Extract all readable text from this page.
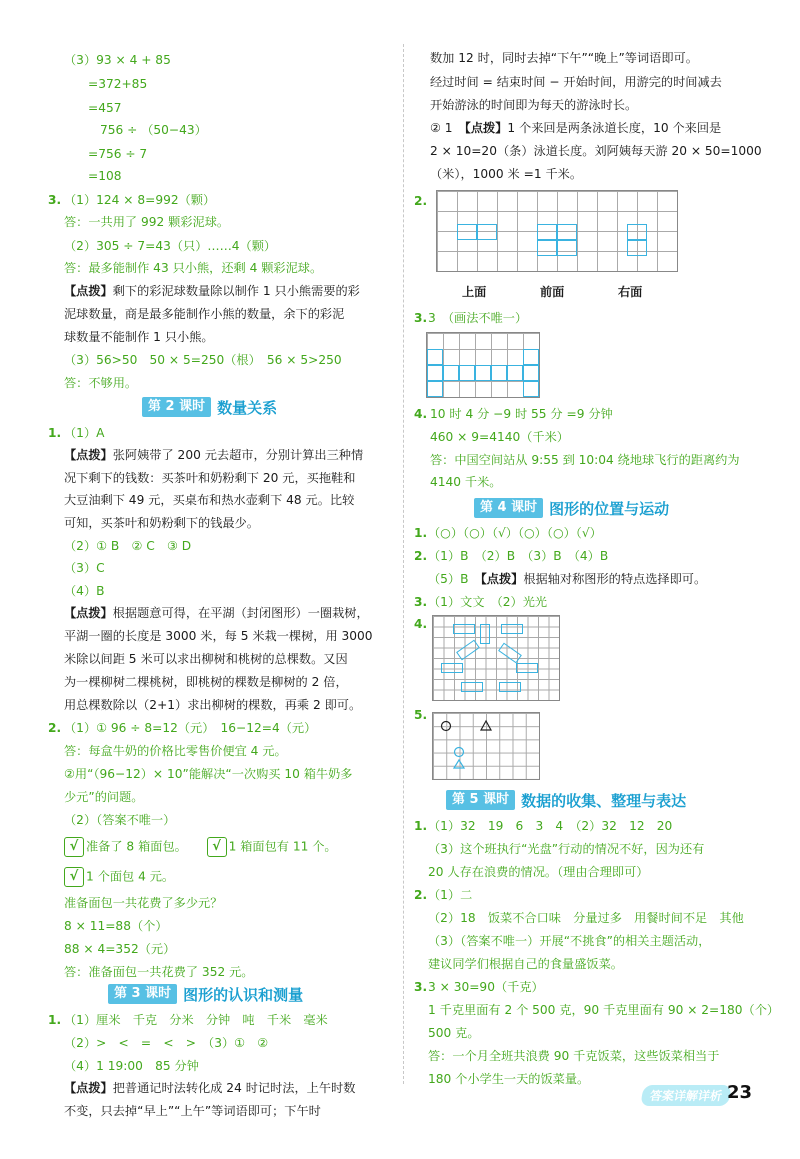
（3）93 × 4 + 85
=372+85
=457
756 ÷ （50−43）
=756 ÷ 7
=108
3. （1）124 × 8=992（颗）
答：一共用了 992 颗彩泥球。
（2）305 ÷ 7=43（只）……4（颗）
答：最多能制作 43 只小熊，还剩 4 颗彩泥球。
【点拨】剩下的彩泥球数量除以制作 1 只小熊需要的彩
泥球数量，商是最多能制作小熊的数量，余下的彩泥
球数量不能制作 1 只小熊。
（3）56>50　50 × 5=250（根）　56 × 5>250
答：不够用。
第 2 课时 数量关系
1. （1）A
【点拨】张阿姨带了 200 元去超市，分别计算出三种情
况下剩下的钱数：买茶叶和奶粉剩下 20 元，买拖鞋和
大豆油剩下 49 元，买桌布和热水壶剩下 48 元。比较
可知，买茶叶和奶粉剩下的钱最少。
（2）① B　② C　③ D
（3）C
（4）B
【点拨】根据题意可得，在平湖（封闭图形）一圈栽树，
平湖一圈的长度是 3000 米，每 5 米栽一棵树，用 3000
米除以间距 5 米可以求出柳树和桃树的总棵数。又因
为一棵柳树二棵桃树，即桃树的棵数是柳树的 2 倍，
用总棵数除以（2+1）求出柳树的棵数，再乘 2 即可。
2. （1）① 96 ÷ 8=12（元）　16−12=4（元）
答：每盒牛奶的价格比零售价便宜 4 元。
②用“（96−12）× 10”能解决“一次购买 10 箱牛奶多
少元”的问题。
（2）（答案不唯一）
√ 准备了 8 箱面包。 √ 1 箱面包有 11 个。
√ 1 个面包 4 元。
准备面包一共花费了多少元？
8 × 11=88（个）
88 × 4=352（元）
答：准备面包一共花费了 352 元。
第 3 课时 图形的认识和测量
1. （1）厘米　千克　分米　分钟　吨　千米　毫米
（2）>　<　=　<　>　（3）①　②
（4）1 19:00　85 分钟
【点拨】把普通记时法转化成 24 时记时法，上午时数
不变，只去掉“早上”“上午”等词语即可；下午时
数加 12 时，同时去掉“下午”“晚上”等词语即可。
经过时间 = 结束时间 − 开始时间，用游完的时间减去
开始游泳的时间即为每天的游泳时长。
② 1　【点拨】1 个来回是两条泳道长度，10 个来回是
2 × 10=20（条）泳道长度。刘阿姨每天游 20 × 50=1000
（米），1000 米 =1 千米。
2.
上面	前面	右面
3. 3　（画法不唯一）
4. 10 时 4 分 −9 时 55 分 =9 分钟
460 × 9=4140（千米）
答：中国空间站从 9:55 到 10:04 绕地球飞行的距离约为
4140 千米。
第 4 课时 图形的位置与运动
1. （○）（○）（√）（○）（○）（√）
2. （1）B　（2）B　（3）B　（4）B
（5）B　【点拨】根据轴对称图形的特点选择即可。
3. （1）文文　（2）光光
4.
5.
第 5 课时 数据的收集、整理与表达
1. （1）32　19　6　3　4　（2）32　12　20
（3）这个班执行“光盘”行动的情况不好，因为还有
20 人存在浪费的情况。（理由合理即可）
2. （1）二
（2）18　饭菜不合口味　分量过多　用餐时间不足　其他
（3）（答案不唯一）开展“不挑食”的相关主题活动，
建议同学们根据自己的食量盛饭菜。
3. 3 × 30=90（千克）
1 千克里面有 2 个 500 克，90 千克里面有 90 × 2=180（个）
500 克。
答：一个月全班共浪费 90 千克饭菜，这些饭菜相当于
180 个小学生一天的饭菜量。
答案详解详析 23
